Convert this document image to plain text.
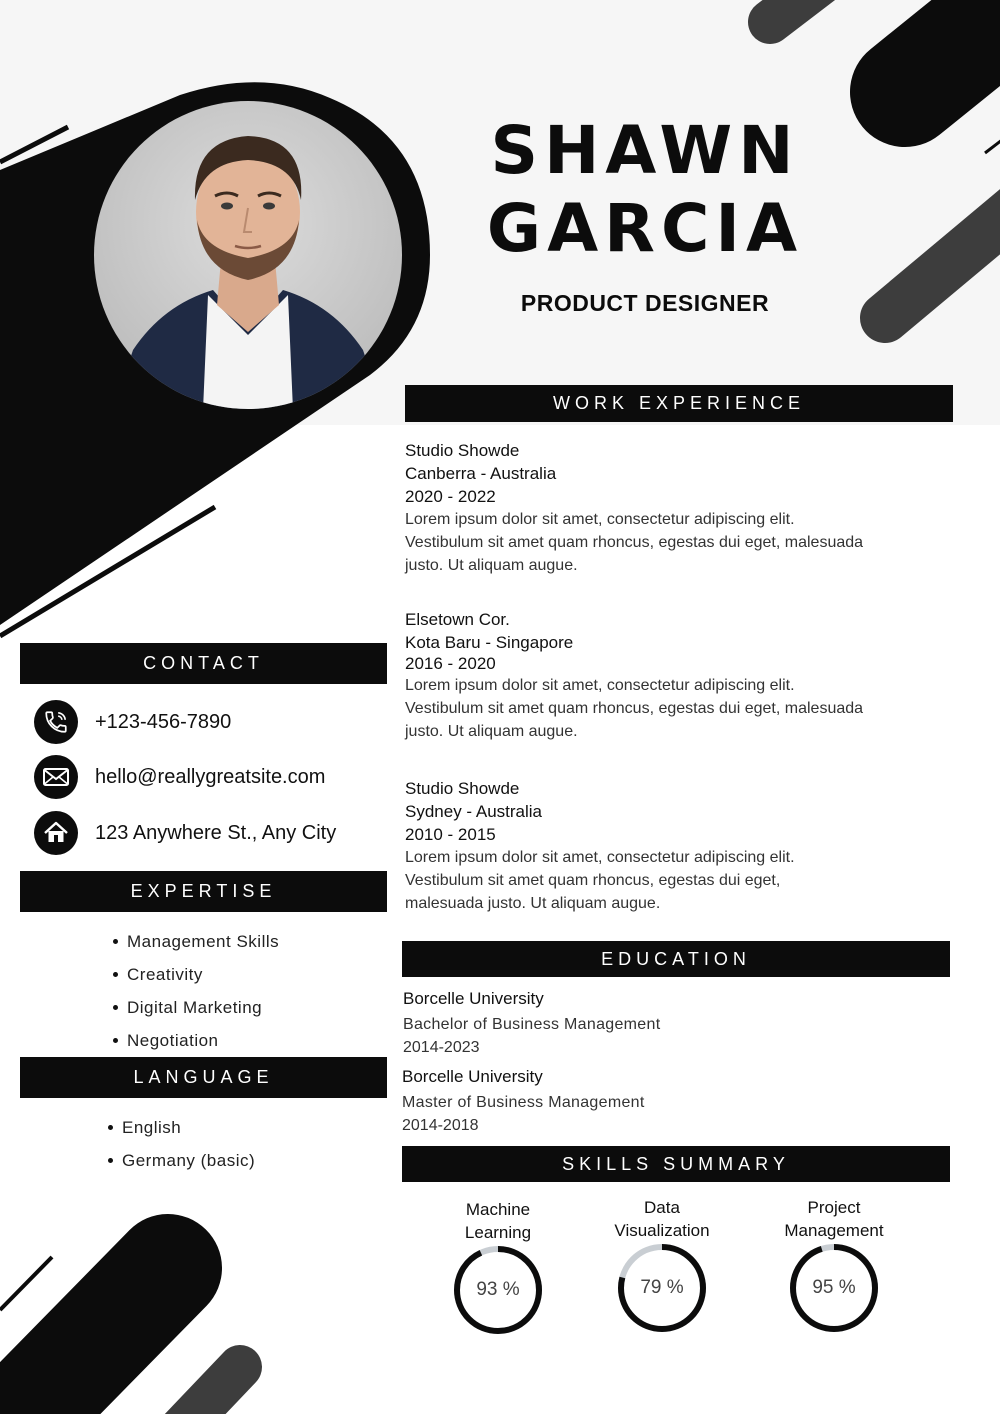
SHAWN
GARCIA
PRODUCT DESIGNER
WORK EXPERIENCE
Studio Showde
Canberra - Australia
2020 - 2022
Lorem ipsum dolor sit amet, consectetur adipiscing elit.
Vestibulum sit amet quam rhoncus, egestas dui eget, malesuada
justo. Ut aliquam augue.
Elsetown Cor.
Kota Baru - Singapore
2016 - 2020
Lorem ipsum dolor sit amet, consectetur adipiscing elit.
Vestibulum sit amet quam rhoncus, egestas dui eget, malesuada
justo. Ut aliquam augue.
Studio Showde
Sydney - Australia
2010 - 2015
Lorem ipsum dolor sit amet, consectetur adipiscing elit.
Vestibulum sit amet quam rhoncus, egestas dui eget,
malesuada justo. Ut aliquam augue.
CONTACT
+123-456-7890
hello@reallygreatsite.com
123 Anywhere St., Any City
EXPERTISE
Management Skills
Creativity
Digital Marketing
Negotiation
LANGUAGE
English
Germany (basic)
EDUCATION
Borcelle University
Bachelor of Business Management
2014-2023
Borcelle University
Master of Business Management
2014-2018
SKILLS SUMMARY
Machine
Learning
93 %
Data
Visualization
79 %
Project
Management
95 %
